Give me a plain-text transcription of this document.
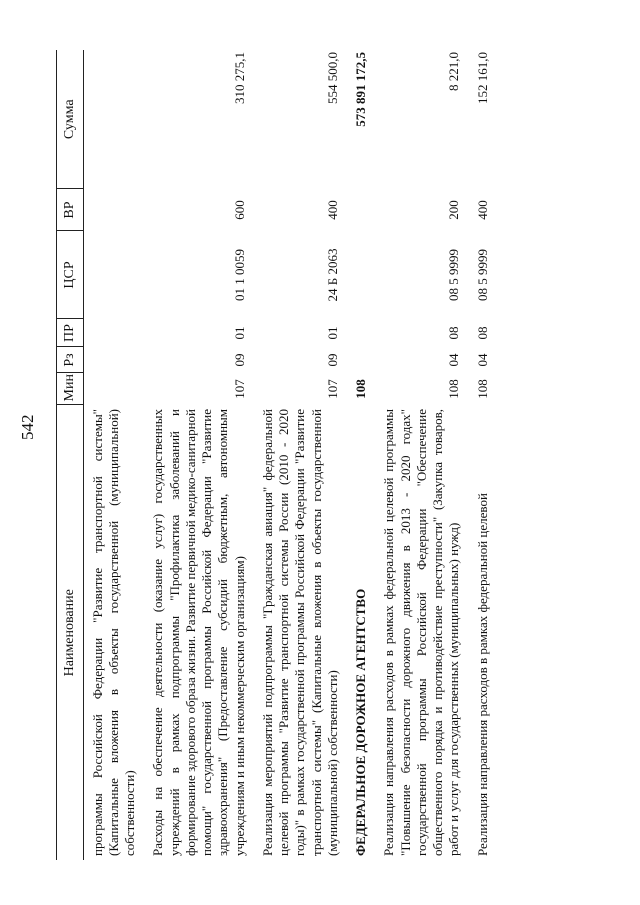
542
Наименование	Мин	Рз	ПР	ЦСР	ВР	Сумма
программы Российской Федерации "Развитие транспортной системы" (Капитальные вложения в объекты государственной (муниципальной) собственности)						
Расходы на обеспечение деятельности (оказание услуг) государственных учреждений в рамках подпрограммы "Профилактика заболеваний и формирование здорового образа жизни. Развитие первичной медико-санитарной помощи" государственной программы Российской Федерации "Развитие здравоохранения" (Предоставление субсидий бюджетным, автономным учреждениям и иным некоммерческим организациям)	107	09	01	01 1 0059	600	310 275,1
Реализация мероприятий подпрограммы "Гражданская авиация" федеральной целевой программы "Развитие транспортной системы России (2010 - 2020 годы)" в рамках государственной программы Российской Федерации "Развитие транспортной системы" (Капитальные вложения в объекты государственной (муниципальной) собственности)	107	09	01	24 Б 2063	400	554 500,0
ФЕДЕРАЛЬНОЕ ДОРОЖНОЕ АГЕНТСТВО	108					573 891 172,5
Реализация направления расходов в рамках федеральной целевой программы "Повышение безопасности дорожного движения в 2013 - 2020 годах" государственной программы Российской Федерации "Обеспечение общественного порядка и противодействие преступности" (Закупка товаров, работ и услуг для государственных (муниципальных) нужд)	108	04	08	08 5 9999	200	8 221,0
Реализация направления расходов в рамках федеральной целевой	108	04	08	08 5 9999	400	152 161,0
